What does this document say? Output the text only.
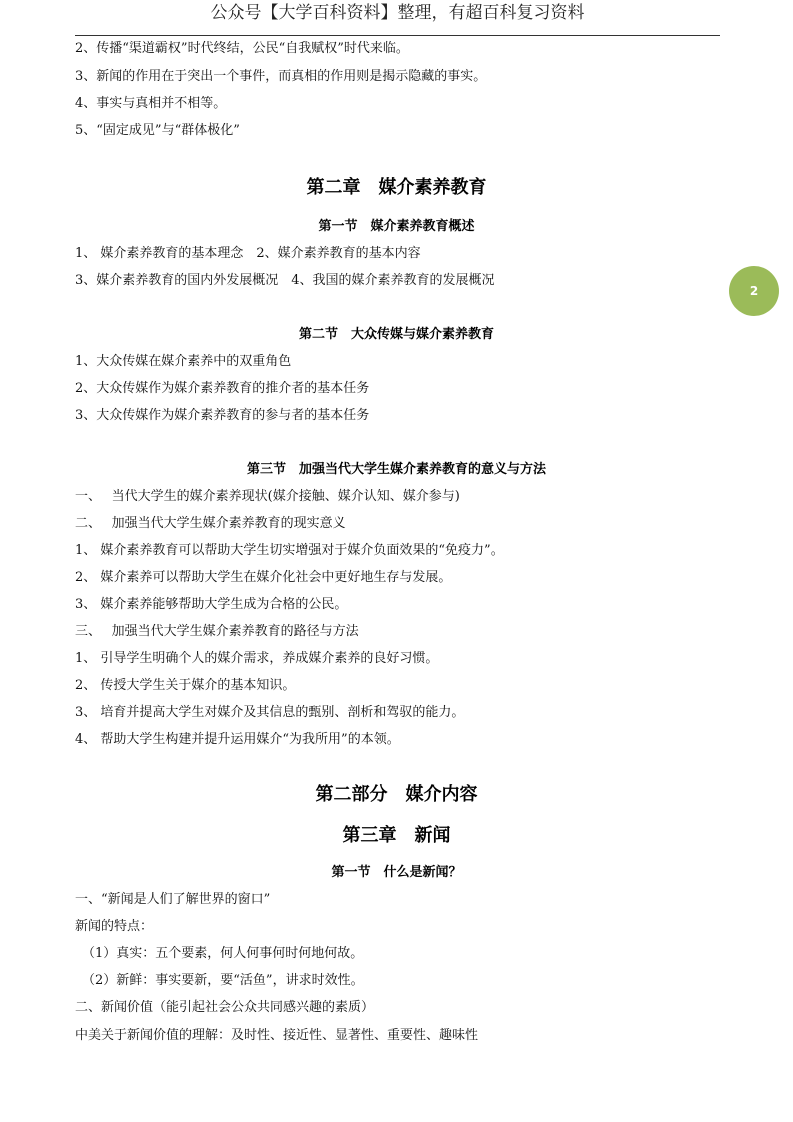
公众号【大学百科资料】整理，有超百科复习资料
2
2、传播“渠道霸权”时代终结，公民“自我赋权”时代来临。
3、新闻的作用在于突出一个事件，而真相的作用则是揭示隐藏的事实。
4、事实与真相并不相等。
5、“固定成见”与“群体极化”
第二章　媒介素养教育
第一节　媒介素养教育概述
1、 媒介素养教育的基本理念　2、媒介素养教育的基本内容
3、媒介素养教育的国内外发展概况　4、我国的媒介素养教育的发展概况
第二节　大众传媒与媒介素养教育
1、大众传媒在媒介素养中的双重角色
2、大众传媒作为媒介素养教育的推介者的基本任务
3、大众传媒作为媒介素养教育的参与者的基本任务
第三节　加强当代大学生媒介素养教育的意义与方法
一、　 当代大学生的媒介素养现状(媒介接触、媒介认知、媒介参与)
二、　 加强当代大学生媒介素养教育的现实意义
1、 媒介素养教育可以帮助大学生切实增强对于媒介负面效果的“免疫力”。
2、 媒介素养可以帮助大学生在媒介化社会中更好地生存与发展。
3、 媒介素养能够帮助大学生成为合格的公民。
三、　 加强当代大学生媒介素养教育的路径与方法
1、 引导学生明确个人的媒介需求，养成媒介素养的良好习惯。
2、 传授大学生关于媒介的基本知识。
3、 培育并提高大学生对媒介及其信息的甄别、剖析和驾驭的能力。
4、 帮助大学生构建并提升运用媒介“为我所用”的本领。
第二部分　媒介内容
第三章　新闻
第一节　什么是新闻？
一、“新闻是人们了解世界的窗口”
新闻的特点：
（1）真实：五个要素，何人何事何时何地何故。
（2）新鲜：事实要新，要“活鱼”，讲求时效性。
二、新闻价值（能引起社会公众共同感兴趣的素质）
中美关于新闻价值的理解：及时性、接近性、显著性、重要性、趣味性
